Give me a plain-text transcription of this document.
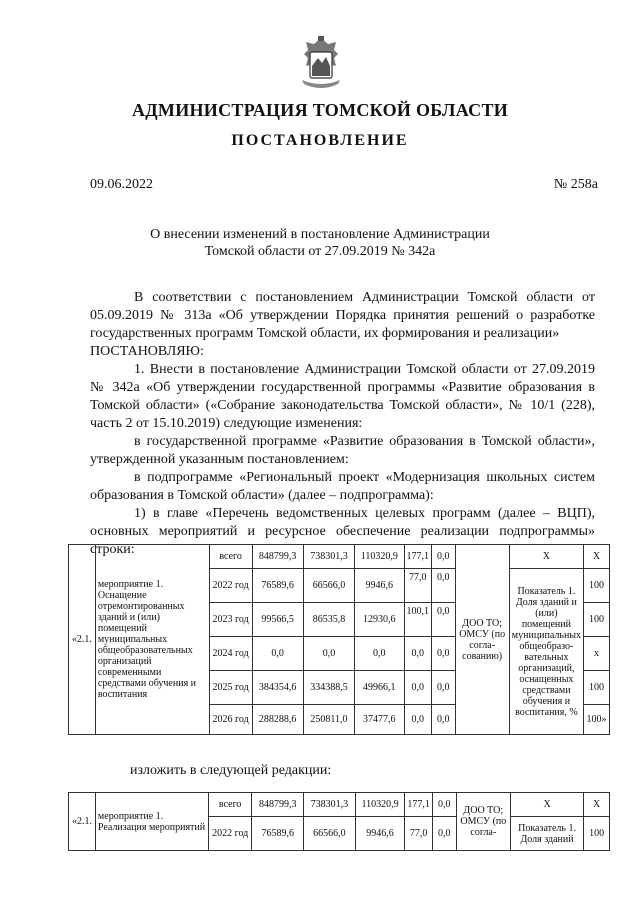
АДМИНИСТРАЦИЯ ТОМСКОЙ ОБЛАСТИ
ПОСТАНОВЛЕНИЕ
09.06.2022	№ 258а
О внесении изменений в постановление Администрации
Томской области от 27.09.2019 № 342а

В соответствии с постановлением Администрации Томской области от 05.09.2019 № 313а «Об утверждении Порядка принятия решений о разработке государственных программ Томской области, их формирования и реализации»

ПОСТАНОВЛЯЮ:

1. Внести в постановление Администрации Томской области от 27.09.2019 № 342а «Об утверждении государственной программы «Развитие образования в Томской области» («Собрание законодательства Томской области», № 10/1 (228), часть 2 от 15.10.2019) следующие изменения:

в государственной программе «Развитие образования в Томской области», утвержденной указанным постановлением:

в подпрограмме «Региональный проект «Модернизация школьных систем образования в Томской области» (далее – подпрограмма):

1) в главе «Перечень ведомственных целевых программ (далее – ВЦП), основных мероприятий и ресурсное обеспечение реализации подпрограммы» строки:

«2.1.	мероприятие 1. Оснащение отремонтированных зданий и (или) помещений муниципальных общеобразовательных организаций современными средствами обучения и воспитания	всего	848799,3	738301,3	110320,9	177,1	0,0	ДОО ТО; ОМСУ (по согла-сованию)	Х	Х
		2022 год	76589,6	66566,0	9946,6	77,0	0,0		Показатель 1. Доля зданий и (или) помещений муниципальных общеобразо-вательных организаций, оснащенных средствами обучения и воспитания, %	100
		2023 год	99566,5	86535,8	12930,6	100,1	0,0			100
		2024 год	0,0	0,0	0,0	0,0	0,0			х
		2025 год	384354,6	334388,5	49966,1	0,0	0,0			100
		2026 год	288288,6	250811,0	37477,6	0,0	0,0			100»
изложить в следующей редакции:
«2.1.	мероприятие 1. Реализация мероприятий	всего	848799,3	738301,3	110320,9	177,1	0,0	ДОО ТО; ОМСУ (по согла-	Х	Х
		2022 год	76589,6	66566,0	9946,6	77,0	0,0		Показатель 1. Доля зданий	100
